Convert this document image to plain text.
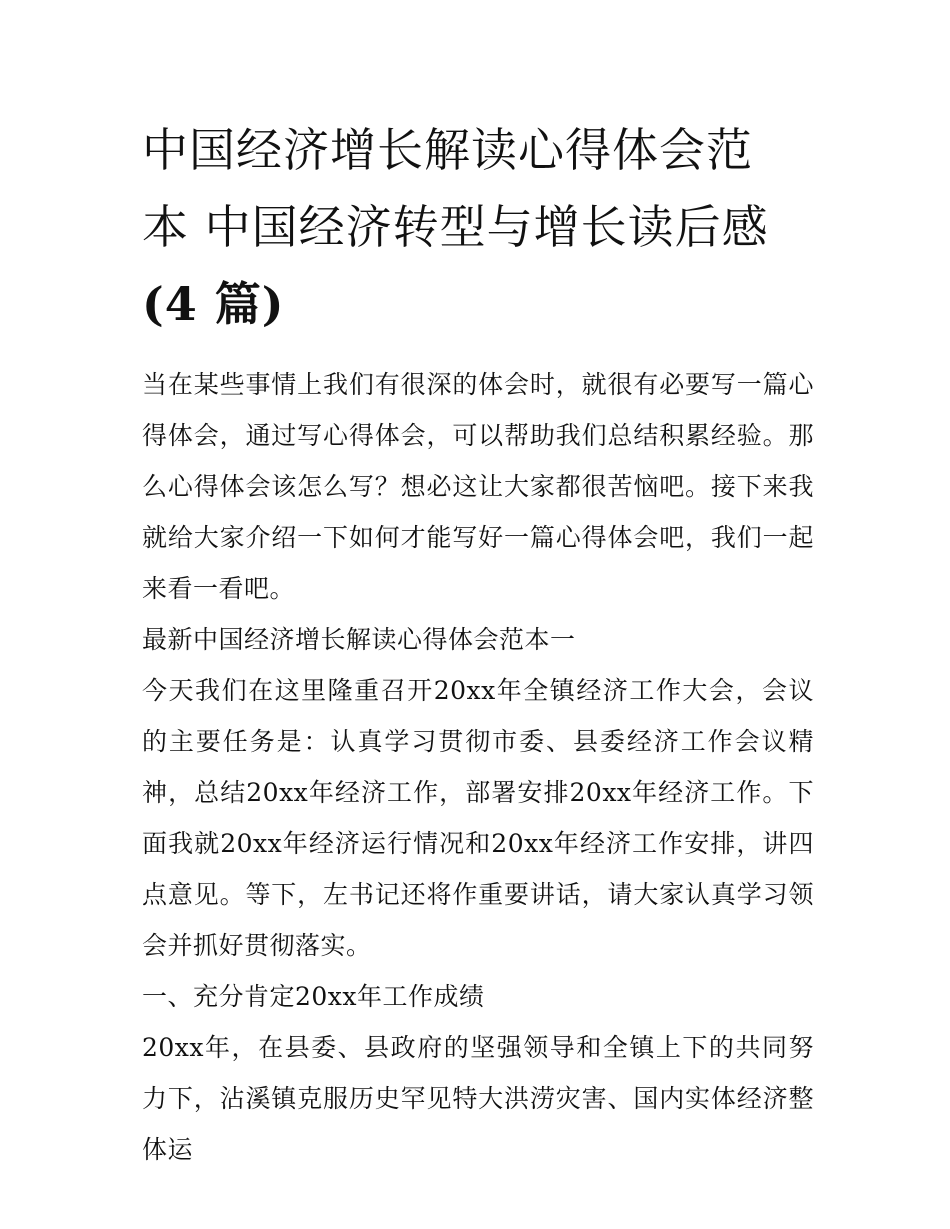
中国经济增长解读心得体会范
本 中国经济转型与增长读后感
(4 篇)

当在某些事情上我们有很深的体会时，就很有必要写一篇心得体会，通过写心得体会，可以帮助我们总结积累经验。那么心得体会该怎么写？想必这让大家都很苦恼吧。接下来我就给大家介绍一下如何才能写好一篇心得体会吧，我们一起来看一看吧。

最新中国经济增长解读心得体会范本一

今天我们在这里隆重召开20xx年全镇经济工作大会，会议的主要任务是：认真学习贯彻市委、县委经济工作会议精神，总结20xx年经济工作，部署安排20xx年经济工作。下面我就20xx年经济运行情况和20xx年经济工作安排，讲四点意见。等下，左书记还将作重要讲话，请大家认真学习领会并抓好贯彻落实。

一、充分肯定20xx年工作成绩

20xx年，在县委、县政府的坚强领导和全镇上下的共同努力下，沾溪镇克服历史罕见特大洪涝灾害、国内实体经济整体运
